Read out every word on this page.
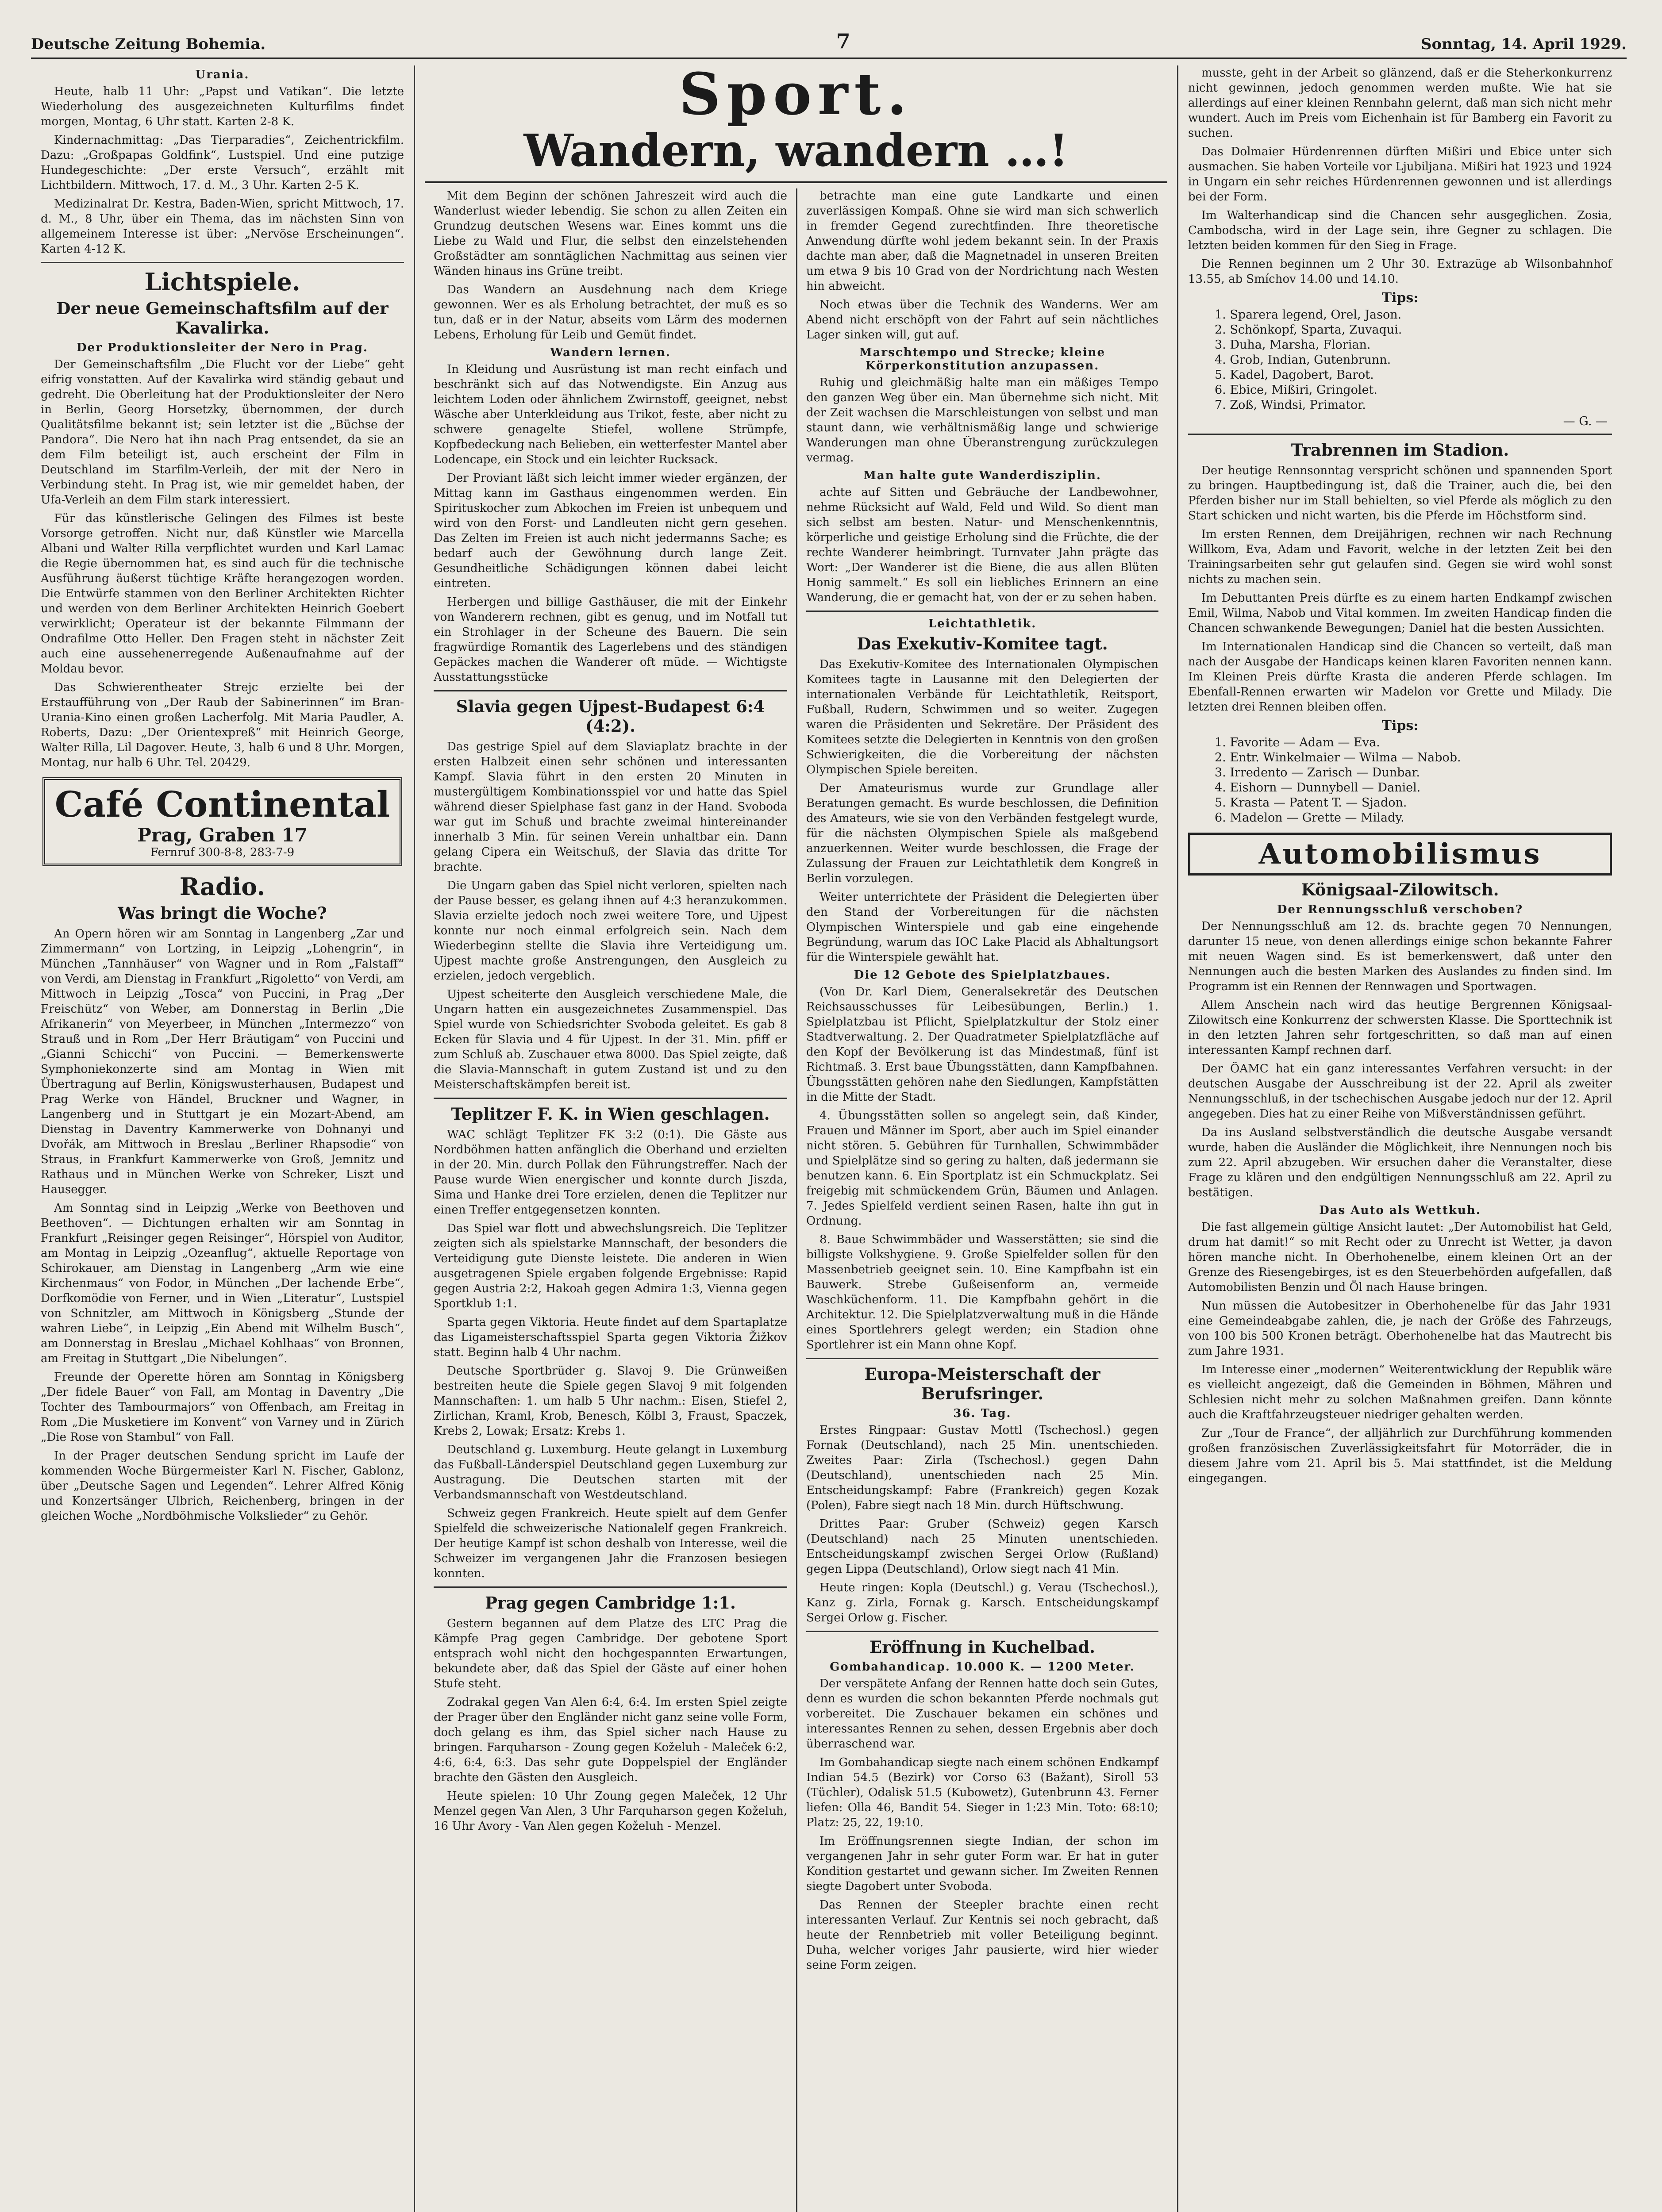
Deutsche Zeitung Bohemia.	7	Sonntag, 14. April 1929.
Urania.

Heute, halb 11 Uhr: „Papst und Vatikan“. Die letzte Wiederholung des ausgezeichneten Kulturfilms findet morgen, Montag, 6 Uhr statt. Karten 2-8 K.

Kindernachmittag: „Das Tierparadies“, Zeichentrickfilm. Dazu: „Großpapas Goldfink“, Lustspiel. Und eine putzige Hundegeschichte: „Der erste Versuch“, erzählt mit Lichtbildern. Mittwoch, 17. d. M., 3 Uhr. Karten 2-5 K.

Medizinalrat Dr. Kestra, Baden-Wien, spricht Mittwoch, 17. d. M., 8 Uhr, über ein Thema, das im nächsten Sinn von allgemeinem Interesse ist über: „Nervöse Erscheinungen“. Karten 4-12 K.

Lichtspiele.
Der neue Gemeinschaftsfilm auf der Kavalirka.
Der Produktionsleiter der Nero in Prag.

Der Gemeinschaftsfilm „Die Flucht vor der Liebe“ geht eifrig vonstatten. Auf der Kavalirka wird ständig gebaut und gedreht. Die Oberleitung hat der Produktionsleiter der Nero in Berlin, Georg Horsetzky, übernommen, der durch Qualitätsfilme bekannt ist; sein letzter ist die „Büchse der Pandora“. Die Nero hat ihn nach Prag entsendet, da sie an dem Film beteiligt ist, auch erscheint der Film in Deutschland im Starfilm-Verleih, der mit der Nero in Verbindung steht. In Prag ist, wie mir gemeldet haben, der Ufa-Verleih an dem Film stark interessiert.

Für das künstlerische Gelingen des Filmes ist beste Vorsorge getroffen. Nicht nur, daß Künstler wie Marcella Albani und Walter Rilla verpflichtet wurden und Karl Lamac die Regie übernommen hat, es sind auch für die technische Ausführung äußerst tüchtige Kräfte herangezogen worden. Die Entwürfe stammen von den Berliner Architekten Richter und werden von dem Berliner Architekten Heinrich Goebert verwirklicht; Operateur ist der bekannte Filmmann der Ondrafilme Otto Heller. Den Fragen steht in nächster Zeit auch eine aussehenerregende Außenaufnahme auf der Moldau bevor.

Das Schwierentheater Strejc erzielte bei der Erstaufführung von „Der Raub der Sabinerinnen“ im Bran-Urania-Kino einen großen Lacherfolg. Mit Maria Paudler, A. Roberts, Dazu: „Der Orientexpreß“ mit Heinrich George, Walter Rilla, Lil Dagover. Heute, 3, halb 6 und 8 Uhr. Morgen, Montag, nur halb 6 Uhr. Tel. 20429.

Café Continental
Prag, Graben 17
Fernruf 300-8-8, 283-7-9
Radio.
Was bringt die Woche?

An Opern hören wir am Sonntag in Langenberg „Zar und Zimmermann“ von Lortzing, in Leipzig „Lohengrin“, in München „Tannhäuser“ von Wagner und in Rom „Falstaff“ von Verdi, am Dienstag in Frankfurt „Rigoletto“ von Verdi, am Mittwoch in Leipzig „Tosca“ von Puccini, in Prag „Der Freischütz“ von Weber, am Donnerstag in Berlin „Die Afrikanerin“ von Meyerbeer, in München „Intermezzo“ von Strauß und in Rom „Der Herr Bräutigam“ von Puccini und „Gianni Schicchi“ von Puccini. — Bemerkenswerte Symphoniekonzerte sind am Montag in Wien mit Übertragung auf Berlin, Königswusterhausen, Budapest und Prag Werke von Händel, Bruckner und Wagner, in Langenberg und in Stuttgart je ein Mozart-Abend, am Dienstag in Daventry Kammerwerke von Dohnanyi und Dvořák, am Mittwoch in Breslau „Berliner Rhapsodie“ von Straus, in Frankfurt Kammerwerke von Groß, Jemnitz und Rathaus und in München Werke von Schreker, Liszt und Hausegger.

Am Sonntag sind in Leipzig „Werke von Beethoven und Beethoven“. — Dichtungen erhalten wir am Sonntag in Frankfurt „Reisinger gegen Reisinger“, Hörspiel von Auditor, am Montag in Leipzig „Ozeanflug“, aktuelle Reportage von Schirokauer, am Dienstag in Langenberg „Arm wie eine Kirchenmaus“ von Fodor, in München „Der lachende Erbe“, Dorfkomödie von Ferner, und in Wien „Literatur“, Lustspiel von Schnitzler, am Mittwoch in Königsberg „Stunde der wahren Liebe“, in Leipzig „Ein Abend mit Wilhelm Busch“, am Donnerstag in Breslau „Michael Kohlhaas“ von Bronnen, am Freitag in Stuttgart „Die Nibelungen“.

Freunde der Operette hören am Sonntag in Königsberg „Der fidele Bauer“ von Fall, am Montag in Daventry „Die Tochter des Tambourmajors“ von Offenbach, am Freitag in Rom „Die Musketiere im Konvent“ von Varney und in Zürich „Die Rose von Stambul“ von Fall.

In der Prager deutschen Sendung spricht im Laufe der kommenden Woche Bürgermeister Karl N. Fischer, Gablonz, über „Deutsche Sagen und Legenden“. Lehrer Alfred König und Konzertsänger Ulbrich, Reichenberg, bringen in der gleichen Woche „Nordböhmische Volkslieder“ zu Gehör.

Sport.
Wandern, wandern …!

Mit dem Beginn der schönen Jahreszeit wird auch die Wanderlust wieder lebendig. Sie schon zu allen Zeiten ein Grundzug deutschen Wesens war. Eines kommt uns die Liebe zu Wald und Flur, die selbst den einzelstehenden Großstädter am sonntäglichen Nachmittag aus seinen vier Wänden hinaus ins Grüne treibt.

Das Wandern an Ausdehnung nach dem Kriege gewonnen. Wer es als Erholung betrachtet, der muß es so tun, daß er in der Natur, abseits vom Lärm des modernen Lebens, Erholung für Leib und Gemüt findet.

Wandern lernen.

In Kleidung und Ausrüstung ist man recht einfach und beschränkt sich auf das Notwendigste. Ein Anzug aus leichtem Loden oder ähnlichem Zwirnstoff, geeignet, nebst Wäsche aber Unterkleidung aus Trikot, feste, aber nicht zu schwere genagelte Stiefel, wollene Strümpfe, Kopfbedeckung nach Belieben, ein wetterfester Mantel aber Lodencape, ein Stock und ein leichter Rucksack.

Der Proviant läßt sich leicht immer wieder ergänzen, der Mittag kann im Gasthaus eingenommen werden. Ein Spirituskocher zum Abkochen im Freien ist unbequem und wird von den Forst- und Landleuten nicht gern gesehen. Das Zelten im Freien ist auch nicht jedermanns Sache; es bedarf auch der Gewöhnung durch lange Zeit. Gesundheitliche Schädigungen können dabei leicht eintreten.

Herbergen und billige Gasthäuser, die mit der Einkehr von Wanderern rechnen, gibt es genug, und im Notfall tut ein Strohlager in der Scheune des Bauern. Die sein fragwürdige Romantik des Lagerlebens und des ständigen Gepäckes machen die Wanderer oft müde. — Wichtigste Ausstattungsstücke

Slavia gegen Ujpest-Budapest 6:4 (4:2).

Das gestrige Spiel auf dem Slaviaplatz brachte in der ersten Halbzeit einen sehr schönen und interessanten Kampf. Slavia führt in den ersten 20 Minuten in mustergültigem Kombinationsspiel vor und hatte das Spiel während dieser Spielphase fast ganz in der Hand. Svoboda war gut im Schuß und brachte zweimal hintereinander innerhalb 3 Min. für seinen Verein unhaltbar ein. Dann gelang Cipera ein Weitschuß, der Slavia das dritte Tor brachte.

Die Ungarn gaben das Spiel nicht verloren, spielten nach der Pause besser, es gelang ihnen auf 4:3 heranzukommen. Slavia erzielte jedoch noch zwei weitere Tore, und Ujpest konnte nur noch einmal erfolgreich sein. Nach dem Wiederbeginn stellte die Slavia ihre Verteidigung um. Ujpest machte große Anstrengungen, den Ausgleich zu erzielen, jedoch vergeblich.

Ujpest scheiterte den Ausgleich verschiedene Male, die Ungarn hatten ein ausgezeichnetes Zusammenspiel. Das Spiel wurde von Schiedsrichter Svoboda geleitet. Es gab 8 Ecken für Slavia und 4 für Ujpest. In der 31. Min. pfiff er zum Schluß ab. Zuschauer etwa 8000. Das Spiel zeigte, daß die Slavia-Mannschaft in gutem Zustand ist und zu den Meisterschaftskämpfen bereit ist.

Teplitzer F. K. in Wien geschlagen.

WAC schlägt Teplitzer FK 3:2 (0:1). Die Gäste aus Nordböhmen hatten anfänglich die Oberhand und erzielten in der 20. Min. durch Pollak den Führungstreffer. Nach der Pause wurde Wien energischer und konnte durch Jiszda, Sima und Hanke drei Tore erzielen, denen die Teplitzer nur einen Treffer entgegensetzen konnten.

Das Spiel war flott und abwechslungsreich. Die Teplitzer zeigten sich als spielstarke Mannschaft, der besonders die Verteidigung gute Dienste leistete. Die anderen in Wien ausgetragenen Spiele ergaben folgende Ergebnisse: Rapid gegen Austria 2:2, Hakoah gegen Admira 1:3, Vienna gegen Sportklub 1:1.

Sparta gegen Viktoria. Heute findet auf dem Spartaplatze das Ligameisterschaftsspiel Sparta gegen Viktoria Žižkov statt. Beginn halb 4 Uhr nachm.

Deutsche Sportbrüder g. Slavoj 9. Die Grünweißen bestreiten heute die Spiele gegen Slavoj 9 mit folgenden Mannschaften: 1. um halb 5 Uhr nachm.: Eisen, Stiefel 2, Zirlichan, Kraml, Krob, Benesch, Kölbl 3, Fraust, Spaczek, Krebs 2, Lowak; Ersatz: Krebs 1.

Deutschland g. Luxemburg. Heute gelangt in Luxemburg das Fußball-Länderspiel Deutschland gegen Luxemburg zur Austragung. Die Deutschen starten mit der Verbandsmannschaft von Westdeutschland.

Schweiz gegen Frankreich. Heute spielt auf dem Genfer Spielfeld die schweizerische Nationalelf gegen Frankreich. Der heutige Kampf ist schon deshalb von Interesse, weil die Schweizer im vergangenen Jahr die Franzosen besiegen konnten.

Prag gegen Cambridge 1:1.

Gestern begannen auf dem Platze des LTC Prag die Kämpfe Prag gegen Cambridge. Der gebotene Sport entsprach wohl nicht den hochgespannten Erwartungen, bekundete aber, daß das Spiel der Gäste auf einer hohen Stufe steht.

Zodrakal gegen Van Alen 6:4, 6:4. Im ersten Spiel zeigte der Prager über den Engländer nicht ganz seine volle Form, doch gelang es ihm, das Spiel sicher nach Hause zu bringen. Farquharson - Zoung gegen Koželuh - Maleček 6:2, 4:6, 6:4, 6:3. Das sehr gute Doppelspiel der Engländer brachte den Gästen den Ausgleich.

Heute spielen: 10 Uhr Zoung gegen Maleček, 12 Uhr Menzel gegen Van Alen, 3 Uhr Farquharson gegen Koželuh, 16 Uhr Avory - Van Alen gegen Koželuh - Menzel.

betrachte man eine gute Landkarte und einen zuverlässigen Kompaß. Ohne sie wird man sich schwerlich in fremder Gegend zurechtfinden. Ihre theoretische Anwendung dürfte wohl jedem bekannt sein. In der Praxis dachte man aber, daß die Magnetnadel in unseren Breiten um etwa 9 bis 10 Grad von der Nordrichtung nach Westen hin abweicht.

Noch etwas über die Technik des Wanderns. Wer am Abend nicht erschöpft von der Fahrt auf sein nächtliches Lager sinken will, gut auf.

Marschtempo und Strecke; kleine Körperkonstitution anzupassen.

Ruhig und gleichmäßig halte man ein mäßiges Tempo den ganzen Weg über ein. Man übernehme sich nicht. Mit der Zeit wachsen die Marschleistungen von selbst und man staunt dann, wie verhältnismäßig lange und schwierige Wanderungen man ohne Überanstrengung zurückzulegen vermag.

Man halte gute Wanderdisziplin.

achte auf Sitten und Gebräuche der Landbewohner, nehme Rücksicht auf Wald, Feld und Wild. So dient man sich selbst am besten. Natur- und Menschenkenntnis, körperliche und geistige Erholung sind die Früchte, die der rechte Wanderer heimbringt. Turnvater Jahn prägte das Wort: „Der Wanderer ist die Biene, die aus allen Blüten Honig sammelt.“ Es soll ein liebliches Erinnern an eine Wanderung, die er gemacht hat, von der er zu sehen haben.

Leichtathletik.
Das Exekutiv-Komitee tagt.

Das Exekutiv-Komitee des Internationalen Olympischen Komitees tagte in Lausanne mit den Delegierten der internationalen Verbände für Leichtathletik, Reitsport, Fußball, Rudern, Schwimmen und so weiter. Zugegen waren die Präsidenten und Sekretäre. Der Präsident des Komitees setzte die Delegierten in Kenntnis von den großen Schwierigkeiten, die die Vorbereitung der nächsten Olympischen Spiele bereiten.

Der Amateurismus wurde zur Grundlage aller Beratungen gemacht. Es wurde beschlossen, die Definition des Amateurs, wie sie von den Verbänden festgelegt wurde, für die nächsten Olympischen Spiele als maßgebend anzuerkennen. Weiter wurde beschlossen, die Frage der Zulassung der Frauen zur Leichtathletik dem Kongreß in Berlin vorzulegen.

Weiter unterrichtete der Präsident die Delegierten über den Stand der Vorbereitungen für die nächsten Olympischen Winterspiele und gab eine eingehende Begründung, warum das IOC Lake Placid als Abhaltungsort für die Winterspiele gewählt hat.

Die 12 Gebote des Spielplatzbaues.

(Von Dr. Karl Diem, Generalsekretär des Deutschen Reichsausschusses für Leibesübungen, Berlin.) 1. Spielplatzbau ist Pflicht, Spielplatzkultur der Stolz einer Stadtverwaltung. 2. Der Quadratmeter Spielplatzfläche auf den Kopf der Bevölkerung ist das Mindestmaß, fünf ist Richtmaß. 3. Erst baue Übungsstätten, dann Kampfbahnen. Übungsstätten gehören nahe den Siedlungen, Kampfstätten in die Mitte der Stadt.

4. Übungsstätten sollen so angelegt sein, daß Kinder, Frauen und Männer im Sport, aber auch im Spiel einander nicht stören. 5. Gebühren für Turnhallen, Schwimmbäder und Spielplätze sind so gering zu halten, daß jedermann sie benutzen kann. 6. Ein Sportplatz ist ein Schmuckplatz. Sei freigebig mit schmückendem Grün, Bäumen und Anlagen. 7. Jedes Spielfeld verdient seinen Rasen, halte ihn gut in Ordnung.

8. Baue Schwimmbäder und Wasserstätten; sie sind die billigste Volkshygiene. 9. Große Spielfelder sollen für den Massenbetrieb geeignet sein. 10. Eine Kampfbahn ist ein Bauwerk. Strebe Gußeisenform an, vermeide Waschküchenform. 11. Die Kampfbahn gehört in die Architektur. 12. Die Spielplatzverwaltung muß in die Hände eines Sportlehrers gelegt werden; ein Stadion ohne Sportlehrer ist ein Mann ohne Kopf.

Europa-Meisterschaft der Berufsringer.
36. Tag.

Erstes Ringpaar: Gustav Mottl (Tschechosl.) gegen Fornak (Deutschland), nach 25 Min. unentschieden. Zweites Paar: Zirla (Tschechosl.) gegen Dahn (Deutschland), unentschieden nach 25 Min. Entscheidungskampf: Fabre (Frankreich) gegen Kozak (Polen), Fabre siegt nach 18 Min. durch Hüftschwung.

Drittes Paar: Gruber (Schweiz) gegen Karsch (Deutschland) nach 25 Minuten unentschieden. Entscheidungskampf zwischen Sergei Orlow (Rußland) gegen Lippa (Deutschland), Orlow siegt nach 41 Min.

Heute ringen: Kopla (Deutschl.) g. Verau (Tschechosl.), Kanz g. Zirla, Fornak g. Karsch. Entscheidungskampf Sergei Orlow g. Fischer.

Eröffnung in Kuchelbad.
Gombahandicap. 10.000 K. — 1200 Meter.

Der verspätete Anfang der Rennen hatte doch sein Gutes, denn es wurden die schon bekannten Pferde nochmals gut vorbereitet. Die Zuschauer bekamen ein schönes und interessantes Rennen zu sehen, dessen Ergebnis aber doch überraschend war.

Im Gombahandicap siegte nach einem schönen Endkampf Indian 54.5 (Bezirk) vor Corso 63 (Bažant), Siroll 53 (Tüchler), Odalisk 51.5 (Kubowetz), Gutenbrunn 43. Ferner liefen: Olla 46, Bandit 54. Sieger in 1:23 Min. Toto: 68:10; Platz: 25, 22, 19:10.

Im Eröffnungsrennen siegte Indian, der schon im vergangenen Jahr in sehr guter Form war. Er hat in guter Kondition gestartet und gewann sicher. Im Zweiten Rennen siegte Dagobert unter Svoboda.

Das Rennen der Steepler brachte einen recht interessanten Verlauf. Zur Kentnis sei noch gebracht, daß heute der Rennbetrieb mit voller Beteiligung beginnt. Duha, welcher voriges Jahr pausierte, wird hier wieder seine Form zeigen.

musste, geht in der Arbeit so glänzend, daß er die Steherkonkurrenz nicht gewinnen, jedoch genommen werden mußte. Wie hat sie allerdings auf einer kleinen Rennbahn gelernt, daß man sich nicht mehr wundert. Auch im Preis vom Eichenhain ist für Bamberg ein Favorit zu suchen.

Das Dolmaier Hürdenrennen dürften Mißiri und Ebice unter sich ausmachen. Sie haben Vorteile vor Ljubiljana. Mißiri hat 1923 und 1924 in Ungarn ein sehr reiches Hürdenrennen gewonnen und ist allerdings bei der Form.

Im Walterhandicap sind die Chancen sehr ausgeglichen. Zosia, Cambodscha, wird in der Lage sein, ihre Gegner zu schlagen. Die letzten beiden kommen für den Sieg in Frage.

Die Rennen beginnen um 2 Uhr 30. Extrazüge ab Wilsonbahnhof 13.55, ab Smíchov 14.00 und 14.10.

Tips:
1. Sparera legend, Orel, Jason.
2. Schönkopf, Sparta, Zuvaqui.
3. Duha, Marsha, Florian.
4. Grob, Indian, Gutenbrunn.
5. Kadel, Dagobert, Barot.
6. Ebice, Mißiri, Gringolet.
7. Zoß, Windsi, Primator.
— G. —
Trabrennen im Stadion.

Der heutige Rennsonntag verspricht schönen und spannenden Sport zu bringen. Hauptbedingung ist, daß die Trainer, auch die, bei den Pferden bisher nur im Stall behielten, so viel Pferde als möglich zu den Start schicken und nicht warten, bis die Pferde im Höchstform sind.

Im ersten Rennen, dem Dreijährigen, rechnen wir nach Rechnung Willkom, Eva, Adam und Favorit, welche in der letzten Zeit bei den Trainingsarbeiten sehr gut gelaufen sind. Gegen sie wird wohl sonst nichts zu machen sein.

Im Debuttanten Preis dürfte es zu einem harten Endkampf zwischen Emil, Wilma, Nabob und Vital kommen. Im zweiten Handicap finden die Chancen schwankende Bewegungen; Daniel hat die besten Aussichten.

Im Internationalen Handicap sind die Chancen so verteilt, daß man nach der Ausgabe der Handicaps keinen klaren Favoriten nennen kann. Im Kleinen Preis dürfte Krasta die anderen Pferde schlagen. Im Ebenfall-Rennen erwarten wir Madelon vor Grette und Milady. Die letzten drei Rennen bleiben offen.

Tips:
1. Favorite — Adam — Eva.
2. Entr. Winkelmaier — Wilma — Nabob.
3. Irredento — Zarisch — Dunbar.
4. Eishorn — Dunnybell — Daniel.
5. Krasta — Patent T. — Sjadon.
6. Madelon — Grette — Milady.
Automobilismus
Königsaal-Zilowitsch.
Der Rennungsschluß verschoben?

Der Nennungsschluß am 12. ds. brachte gegen 70 Nennungen, darunter 15 neue, von denen allerdings einige schon bekannte Fahrer mit neuen Wagen sind. Es ist bemerkenswert, daß unter den Nennungen auch die besten Marken des Auslandes zu finden sind. Im Programm ist ein Rennen der Rennwagen und Sportwagen.

Allem Anschein nach wird das heutige Bergrennen Königsaal-Zilowitsch eine Konkurrenz der schwersten Klasse. Die Sporttechnik ist in den letzten Jahren sehr fortgeschritten, so daß man auf einen interessanten Kampf rechnen darf.

Der ÖAMC hat ein ganz interessantes Verfahren versucht: in der deutschen Ausgabe der Ausschreibung ist der 22. April als zweiter Nennungsschluß, in der tschechischen Ausgabe jedoch nur der 12. April angegeben. Dies hat zu einer Reihe von Mißverständnissen geführt.

Da ins Ausland selbstverständlich die deutsche Ausgabe versandt wurde, haben die Ausländer die Möglichkeit, ihre Nennungen noch bis zum 22. April abzugeben. Wir ersuchen daher die Veranstalter, diese Frage zu klären und den endgültigen Nennungsschluß am 22. April zu bestätigen.

Das Auto als Wettkuh.

Die fast allgemein gültige Ansicht lautet: „Der Automobilist hat Geld, drum hat damit!“ so mit Recht oder zu Unrecht ist Wetter, ja davon hören manche nicht. In Oberhohenelbe, einem kleinen Ort an der Grenze des Riesengebirges, ist es den Steuerbehörden aufgefallen, daß Automobilisten Benzin und Öl nach Hause bringen.

Nun müssen die Autobesitzer in Oberhohenelbe für das Jahr 1931 eine Gemeindeabgabe zahlen, die, je nach der Größe des Fahrzeugs, von 100 bis 500 Kronen beträgt. Oberhohenelbe hat das Mautrecht bis zum Jahre 1931.

Im Interesse einer „modernen“ Weiterentwicklung der Republik wäre es vielleicht angezeigt, daß die Gemeinden in Böhmen, Mähren und Schlesien nicht mehr zu solchen Maßnahmen greifen. Dann könnte auch die Kraftfahrzeugsteuer niedriger gehalten werden.

Zur „Tour de France“, der alljährlich zur Durchführung kommenden großen französischen Zuverlässigkeitsfahrt für Motorräder, die in diesem Jahre vom 21. April bis 5. Mai stattfindet, ist die Meldung eingegangen.
